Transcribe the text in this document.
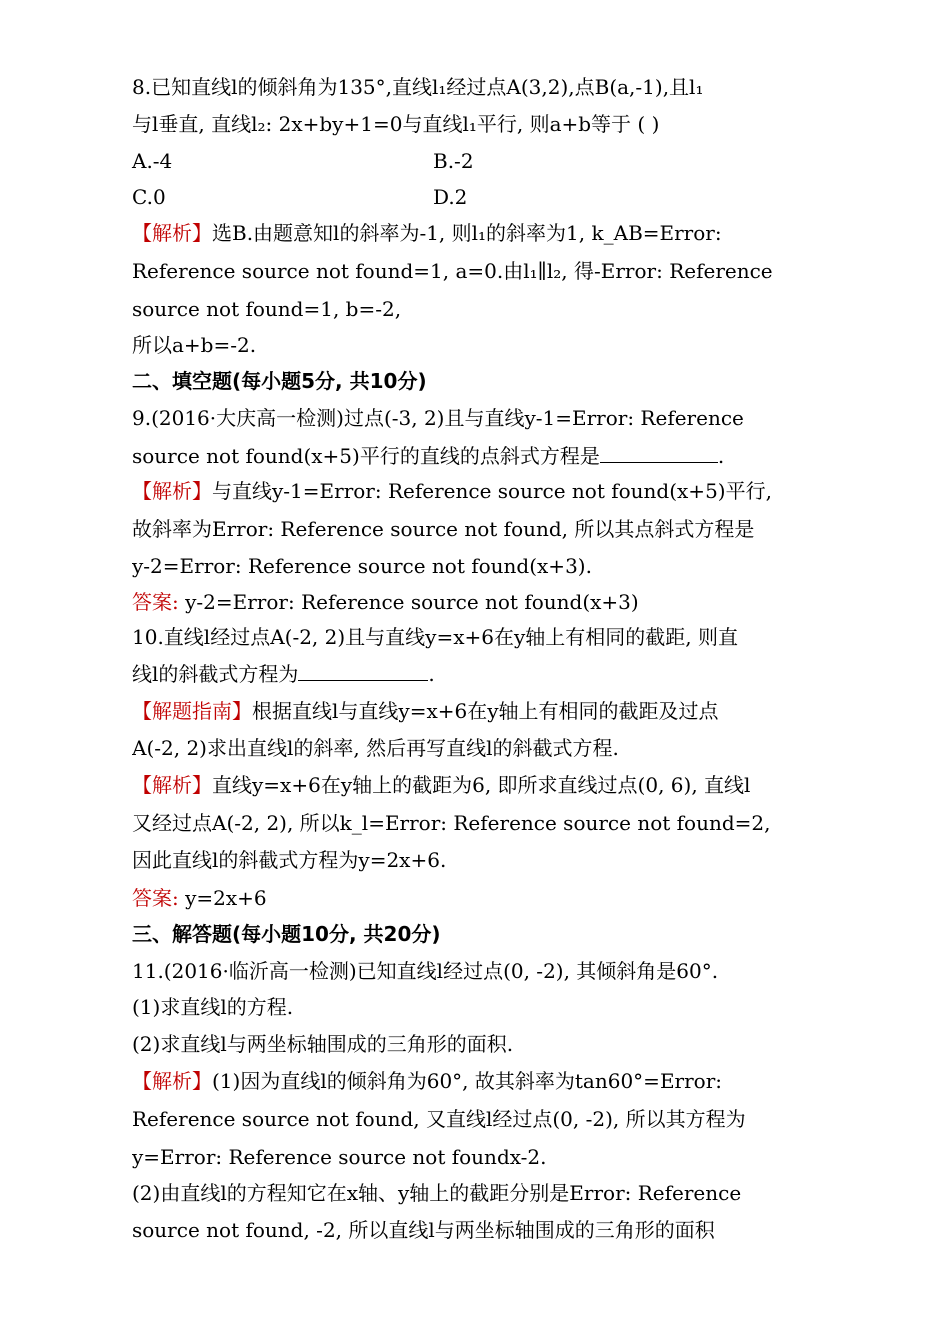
8.已知直线l的倾斜角为135°,直线l₁经过点A(3,2),点B(a,-1),且l₁
与l垂直, 直线l₂: 2x+by+1=0与直线l₁平行, 则a+b等于 ( )
A.-4	B.-2
C.0	D.2
【解析】选B.由题意知l的斜率为-1, 则l₁的斜率为1, k_AB=Error:
Reference source not found=1, a=0.由l₁∥l₂, 得-Error: Reference
source not found=1, b=-2,
所以a+b=-2.
二、填空题(每小题5分, 共10分)
9.(2016·大庆高一检测)过点(-3, 2)且与直线y-1=Error: Reference
source not found(x+5)平行的直线的点斜式方程是	.
【解析】与直线y-1=Error: Reference source not found(x+5)平行,
故斜率为Error: Reference source not found, 所以其点斜式方程是
y-2=Error: Reference source not found(x+3).
答案: y-2=Error: Reference source not found(x+3)
10.直线l经过点A(-2, 2)且与直线y=x+6在y轴上有相同的截距, 则直
线l的斜截式方程为	.
【解题指南】根据直线l与直线y=x+6在y轴上有相同的截距及过点
A(-2, 2)求出直线l的斜率, 然后再写直线l的斜截式方程.
【解析】直线y=x+6在y轴上的截距为6, 即所求直线过点(0, 6), 直线l
又经过点A(-2, 2), 所以k_l=Error: Reference source not found=2,
因此直线l的斜截式方程为y=2x+6.
答案: y=2x+6
三、解答题(每小题10分, 共20分)
11.(2016·临沂高一检测)已知直线l经过点(0, -2), 其倾斜角是60°.
(1)求直线l的方程.
(2)求直线l与两坐标轴围成的三角形的面积.
【解析】(1)因为直线l的倾斜角为60°, 故其斜率为tan60°=Error:
Reference source not found, 又直线l经过点(0, -2), 所以其方程为
y=Error: Reference source not foundx-2.
(2)由直线l的方程知它在x轴、y轴上的截距分别是Error: Reference
source not found, -2, 所以直线l与两坐标轴围成的三角形的面积
